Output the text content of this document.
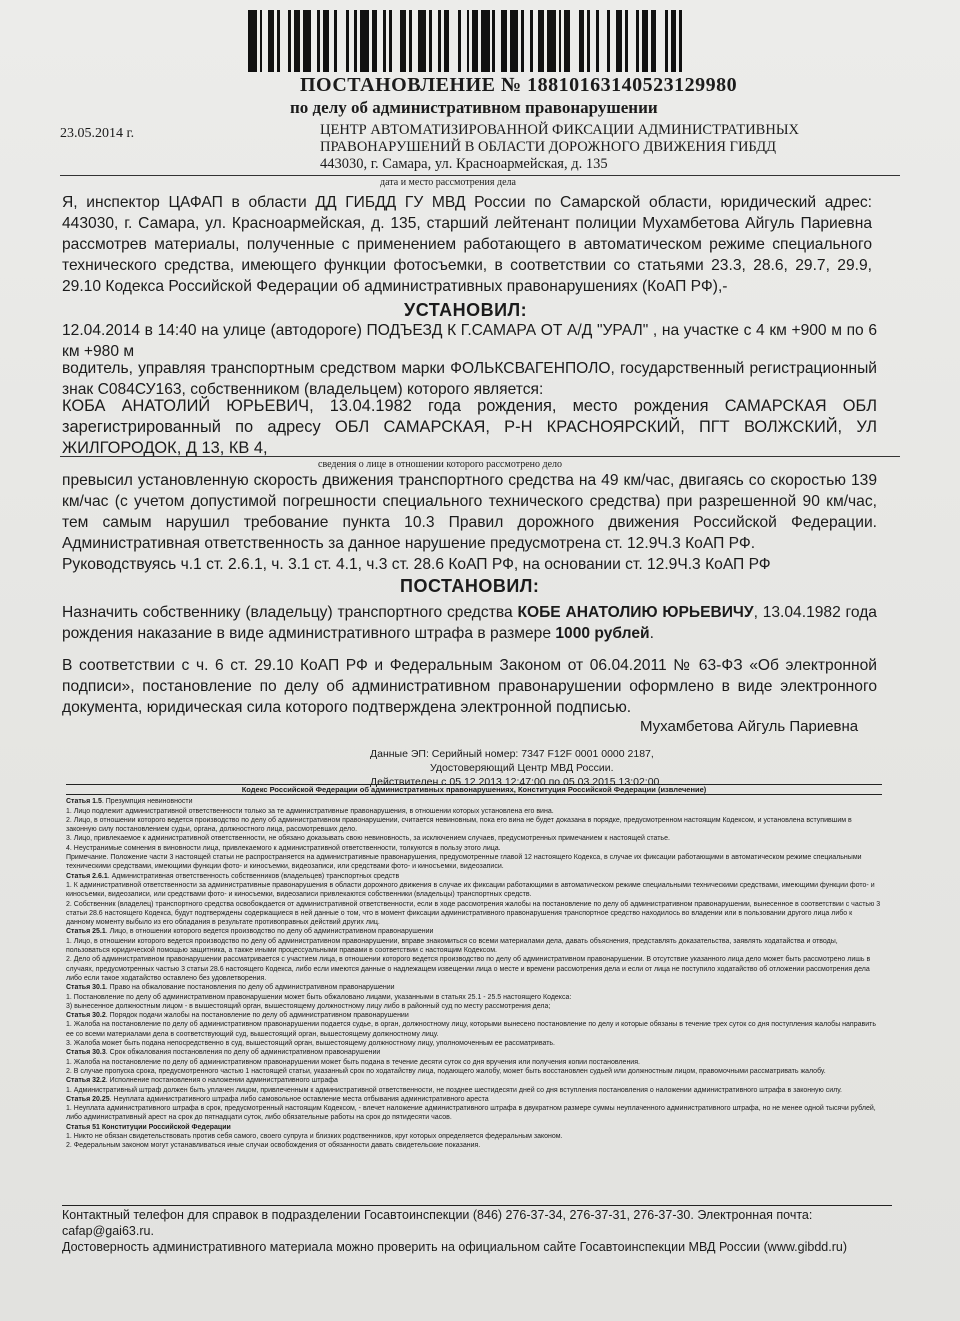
ПОСТАНОВЛЕНИЕ № 18810163140523129980
по делу об административном правонарушении
23.05.2014 г.	ЦЕНТР АВТОМАТИЗИРОВАННОЙ ФИКСАЦИИ АДМИНИСТРАТИВНЫХ
ПРАВОНАРУШЕНИЙ В ОБЛАСТИ ДОРОЖНОГО ДВИЖЕНИЯ ГИБДД
443030, г. Самара, ул. Красноармейская, д. 135
дата и место рассмотрения дела
Я, инспектор ЦАФАП в области ДД ГИБДД ГУ МВД России по Самарской области, юридический адрес: 443030, г. Самара, ул. Красноармейская, д. 135, старший лейтенант полиции Мухамбетова Айгуль Париевна рассмотрев материалы, полученные с применением работающего в автоматическом режиме специального технического средства, имеющего функции фотосъемки, в соответствии со статьями 23.3, 28.6, 29.7, 29.9, 29.10 Кодекса Российской Федерации об административных правонарушениях (КоАП РФ),-
УСТАНОВИЛ:
12.04.2014 в 14:40 на улице (автодороге) ПОДЪЕЗД К Г.САМАРА ОТ А/Д "УРАЛ" , на участке с 4 км +900 м по 6 км +980 м
водитель, управляя транспортным средством марки ФОЛЬКСВАГЕНПОЛО, государственный регистрационный знак С084СУ163, собственником (владельцем) которого является:
КОБА АНАТОЛИЙ ЮРЬЕВИЧ, 13.04.1982 года рождения, место рождения САМАРСКАЯ ОБЛ зарегистрированный по адресу ОБЛ САМАРСКАЯ, Р-Н КРАСНОЯРСКИЙ, ПГТ ВОЛЖСКИЙ, УЛ ЖИЛГОРОДОК, Д 13, КВ 4,
сведения о лице в отношении которого рассмотрено дело
превысил установленную скорость движения транспортного средства на 49 км/час, двигаясь со скоростью 139 км/час (с учетом допустимой погрешности специального технического средства) при разрешенной 90 км/час, тем самым нарушил требование пункта 10.3 Правил дорожного движения Российской Федерации. Административная ответственность за данное нарушение предусмотрена ст. 12.9Ч.3 КоАП РФ.
Руководствуясь ч.1 ст. 2.6.1, ч. 3.1 ст. 4.1, ч.3 ст. 28.6 КоАП РФ, на основании ст. 12.9Ч.3 КоАП РФ
ПОСТАНОВИЛ:
Назначить собственнику (владельцу) транспортного средства КОБЕ АНАТОЛИЮ ЮРЬЕВИЧУ, 13.04.1982 года рождения наказание в виде административного штрафа в размере 1000 рублей.
В соответствии с ч. 6 ст. 29.10 КоАП РФ и Федеральным Законом от 06.04.2011 № 63-ФЗ «Об электронной подписи», постановление по делу об административном правонарушении оформлено в виде электронного документа, юридическая сила которого подтверждена электронной подписью.
Мухамбетова Айгуль Париевна
Данные ЭП: Серийный номер: 7347 F12F 0001 0000 2187,
Удостоверяющий Центр МВД России.
Действителен с 05.12.2013 12:47:00 по 05.03.2015 13:02:00
Кодекс Российской Федерации об административных правонарушениях, Конституция Российской Федерации (извлечение)

Статья 1.5. Презумпция невиновности

1. Лицо подлежит административной ответственности только за те административные правонарушения, в отношении которых установлена его вина.

2. Лицо, в отношении которого ведется производство по делу об административном правонарушении, считается невиновным, пока его вина не будет доказана в порядке, предусмотренном настоящим Кодексом, и установлена вступившим в законную силу постановлением судьи, органа, должностного лица, рассмотревших дело.

3. Лицо, привлекаемое к административной ответственности, не обязано доказывать свою невиновность, за исключением случаев, предусмотренных примечанием к настоящей статье.

4. Неустранимые сомнения в виновности лица, привлекаемого к административной ответственности, толкуются в пользу этого лица.

Примечание. Положение части 3 настоящей статьи не распространяется на административные правонарушения, предусмотренные главой 12 настоящего Кодекса, в случае их фиксации работающими в автоматическом режиме специальными техническими средствами, имеющими функции фото- и киносъемки, видеозаписи, или средствами фото- и киносъемки, видеозаписи.

Статья 2.6.1. Административная ответственность собственников (владельцев) транспортных средств

1. К административной ответственности за административные правонарушения в области дорожного движения в случае их фиксации работающими в автоматическом режиме специальными техническими средствами, имеющими функции фото- и киносъемки, видеозаписи, или средствами фото- и киносъемки, видеозаписи привлекаются собственники (владельцы) транспортных средств.

2. Собственник (владелец) транспортного средства освобождается от административной ответственности, если в ходе рассмотрения жалобы на постановление по делу об административном правонарушении, вынесенное в соответствии с частью 3 статьи 28.6 настоящего Кодекса, будут подтверждены содержащиеся в ней данные о том, что в момент фиксации административного правонарушения транспортное средство находилось во владении или в пользовании другого лица либо к данному моменту выбыло из его обладания в результате противоправных действий других лиц.

Статья 25.1. Лицо, в отношении которого ведется производство по делу об административном правонарушении

1. Лицо, в отношении которого ведется производство по делу об административном правонарушении, вправе знакомиться со всеми материалами дела, давать объяснения, представлять доказательства, заявлять ходатайства и отводы, пользоваться юридической помощью защитника, а также иными процессуальными правами в соответствии с настоящим Кодексом.

2. Дело об административном правонарушении рассматривается с участием лица, в отношении которого ведется производство по делу об административном правонарушении. В отсутствие указанного лица дело может быть рассмотрено лишь в случаях, предусмотренных частью 3 статьи 28.6 настоящего Кодекса, либо если имеются данные о надлежащем извещении лица о месте и времени рассмотрения дела и если от лица не поступило ходатайство об отложении рассмотрения дела либо если такое ходатайство оставлено без удовлетворения.

Статья 30.1. Право на обжалование постановления по делу об административном правонарушении

1. Постановление по делу об административном правонарушении может быть обжаловано лицами, указанными в статьях 25.1 - 25.5 настоящего Кодекса:

3) вынесенное должностным лицом - в вышестоящий орган, вышестоящему должностному лицу либо в районный суд по месту рассмотрения дела;

Статья 30.2. Порядок подачи жалобы на постановление по делу об административном правонарушении

1. Жалоба на постановление по делу об административном правонарушении подается судье, в орган, должностному лицу, которыми вынесено постановление по делу и которые обязаны в течение трех суток со дня поступления жалобы направить ее со всеми материалами дела в соответствующий суд, вышестоящий орган, вышестоящему должностному лицу.

3. Жалоба может быть подана непосредственно в суд, вышестоящий орган, вышестоящему должностному лицу, уполномоченным ее рассматривать.

Статья 30.3. Срок обжалования постановления по делу об административном правонарушении

1. Жалоба на постановление по делу об административном правонарушении может быть подана в течение десяти суток со дня вручения или получения копии постановления.

2. В случае пропуска срока, предусмотренного частью 1 настоящей статьи, указанный срок по ходатайству лица, подающего жалобу, может быть восстановлен судьей или должностным лицом, правомочными рассматривать жалобу.

Статья 32.2. Исполнение постановления о наложении административного штрафа

1. Административный штраф должен быть уплачен лицом, привлеченным к административной ответственности, не позднее шестидесяти дней со дня вступления постановления о наложении административного штрафа в законную силу.

Статья 20.25. Неуплата административного штрафа либо самовольное оставление места отбывания административного ареста

1. Неуплата административного штрафа в срок, предусмотренный настоящим Кодексом, - влечет наложение административного штрафа в двукратном размере суммы неуплаченного административного штрафа, но не менее одной тысячи рублей, либо административный арест на срок до пятнадцати суток, либо обязательные работы на срок до пятидесяти часов.

Статья 51 Конституции Российской Федерации

1. Никто не обязан свидетельствовать против себя самого, своего супруга и близких родственников, круг которых определяется федеральным законом.

2. Федеральным законом могут устанавливаться иные случаи освобождения от обязанности давать свидетельские показания.

Контактный телефон для справок в подразделении Госавтоинспекции (846) 276-37-34, 276-37-31, 276-37-30. Электронная почта: cafap@gai63.ru.
Достоверность административного материала можно проверить на официальном сайте Госавтоинспекции МВД России (www.gibdd.ru)
